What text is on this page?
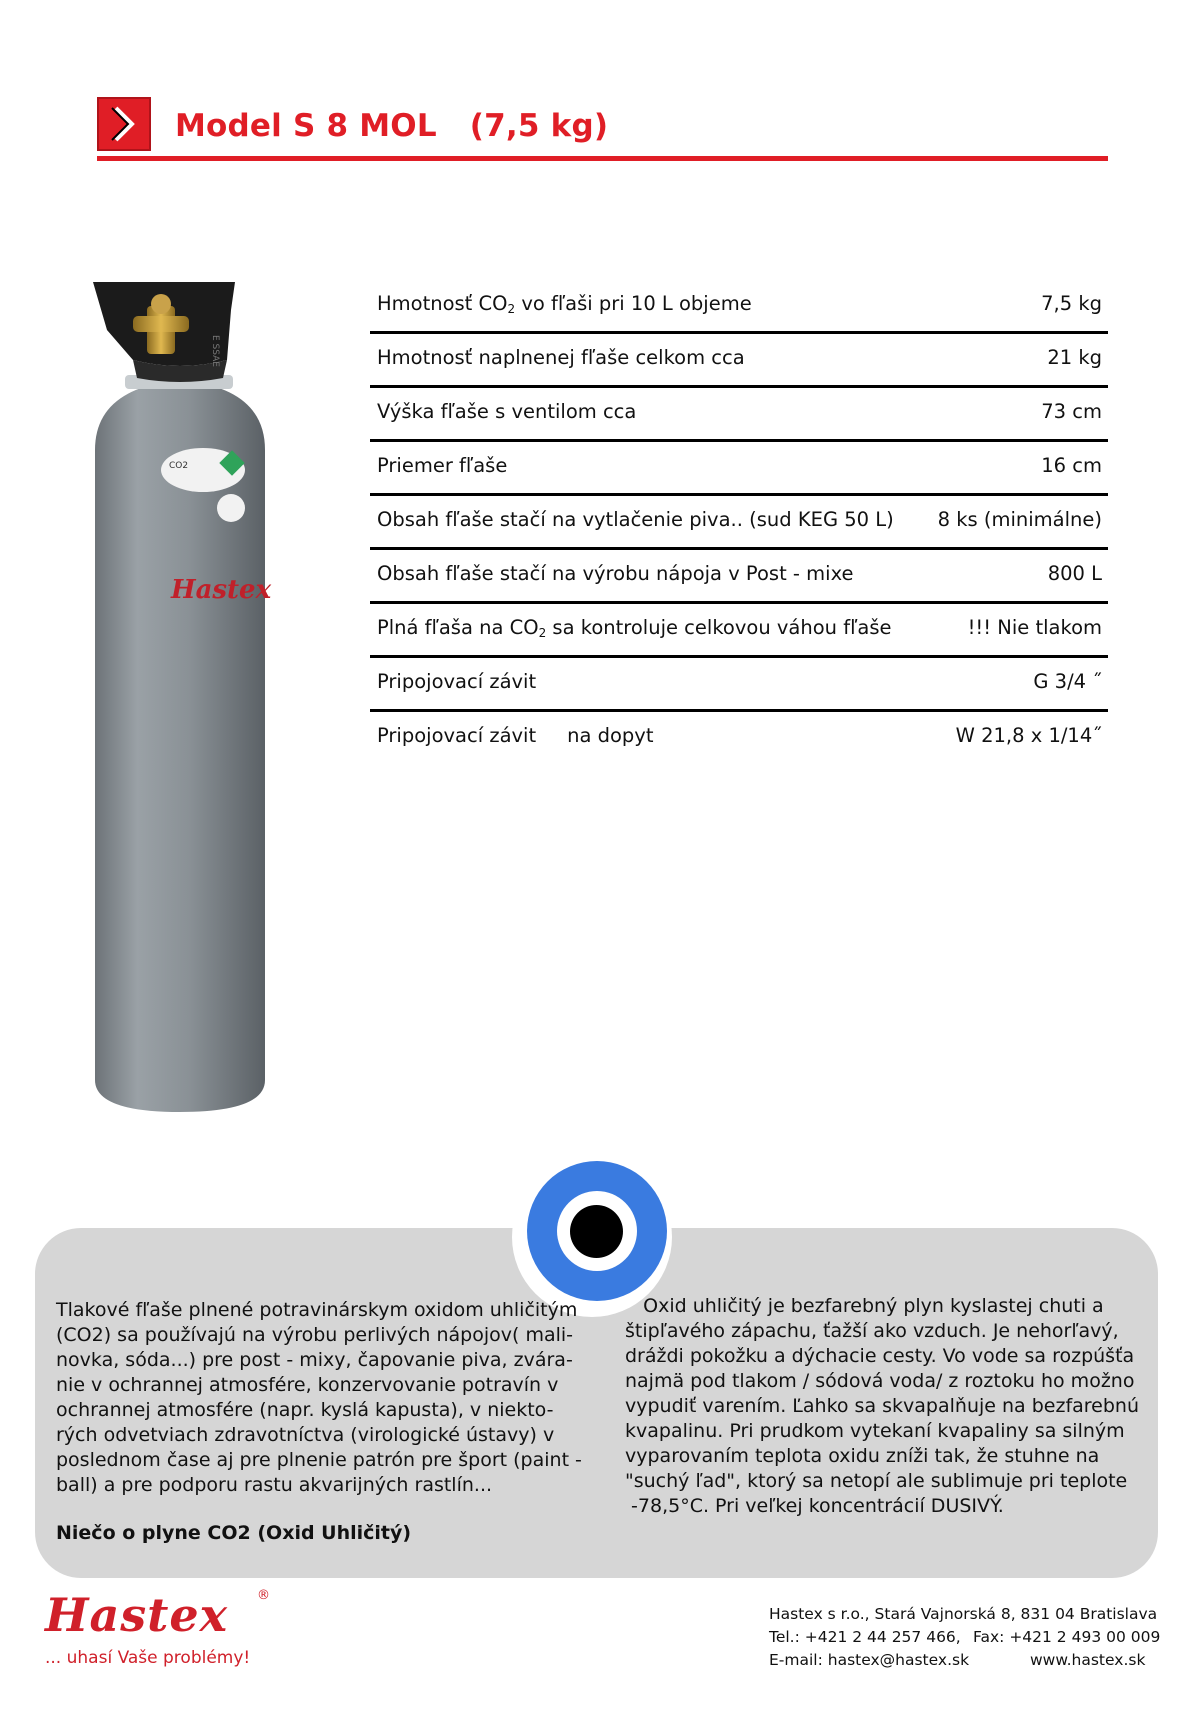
Model S 8 MOL   (7,5 kg)
E SSAE
CO2
Hastex
Hmotnosť $CO_2$ vo fľaši pri 10 L objeme	7,5 kg
Hmotnosť naplnenej fľaše celkom cca	21 kg
Výška fľaše s ventilom cca	73 cm
Priemer fľaše	16 cm
Obsah fľaše stačí na vytlačenie piva.. (sud KEG 50 L) 8 ks (minimálne)
Obsah fľaše stačí na výrobu nápoja v Post - mixe	800 L
Plná fľaša na $CO_2$ sa kontroluje celkovou váhou fľaše	!!! Nie tlakom
Pripojovací závit	G 3/4 ˝
Pripojovací závit     na dopyt	W 21,8 x 1/14˝
Tlakové fľaše plnené potravinárskym oxidom uhličitým
(CO2) sa používajú na výrobu perlivých nápojov( mali-
novka, sóda...) pre post - mixy, čapovanie piva, zvára-
nie v ochrannej atmosfére, konzervovanie potravín v
ochrannej atmosfére (napr. kyslá kapusta), v niekto-
rých odvetviach zdravotníctva (virologické ústavy) v
poslednom čase aj pre plnenie patrón pre šport (paint -
ball) a pre podporu rastu akvarijných rastlín...
Niečo o plyne CO2 (Oxid Uhličitý)
Oxid uhličitý je bezfarebný plyn kyslastej chuti a
štipľavého zápachu, ťažší ako vzduch. Je nehorľavý,
dráždi pokožku a dýchacie cesty. Vo vode sa rozpúšťa
najmä pod tlakom / sódová voda/ z roztoku ho možno
vypudiť varením. Ľahko sa skvapalňuje na bezfarebnú
kvapalinu. Pri prudkom vytekaní kvapaliny sa silným
vyparovaním teplota oxidu zníži tak, že stuhne na
"suchý ľad", ktorý sa netopí ale sublimuje pri teplote
-78,5°C. Pri veľkej koncentrácií DUSIVÝ.
Hastex ®
... uhasí Vaše problémy!
Hastex s r.o., Stará Vajnorská 8, 831 04 Bratislava
Tel.: +421 2 44 257 466, Fax: +421 2 493 00 009
E-mail: hastex@hastex.sk	www.hastex.sk
